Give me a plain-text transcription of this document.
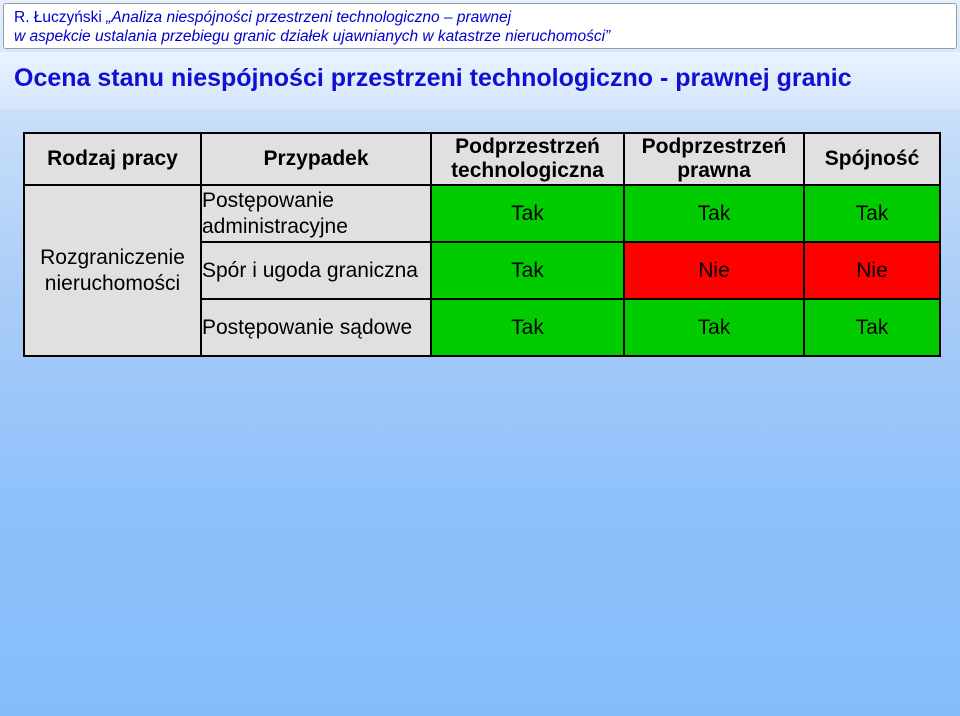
R. Łuczyński „Analiza niespójności przestrzeni technologiczno – prawnej
w aspekcie ustalania przebiegu granic działek ujawnianych w katastrze nieruchomości”
Ocena stanu niespójności przestrzeni technologiczno - prawnej granic
Rodzaj pracy	Przypadek	Podprzestrzeń technologiczna	Podprzestrzeń prawna	Spójność
Rozgraniczenie nieruchomości	Postępowanie administracyjne	Tak	Tak	Tak
	Spór i ugoda graniczna	Tak	Nie	Nie
	Postępowanie sądowe	Tak	Tak	Tak
